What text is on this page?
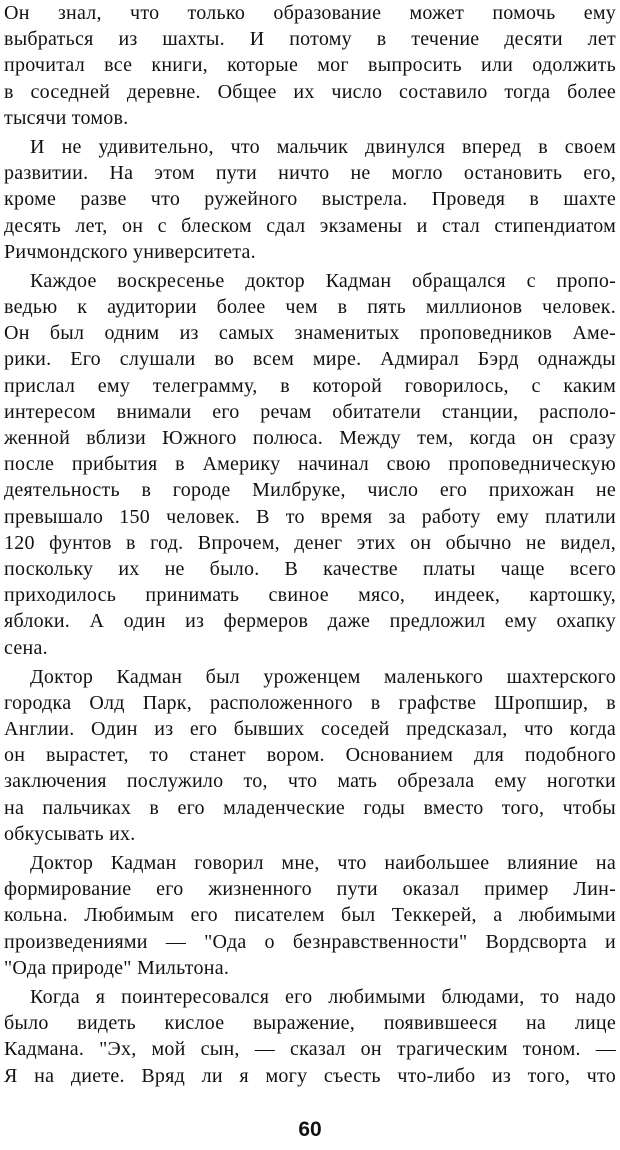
Он знал, что только образование может помочь ему
выбраться из шахты. И потому в течение десяти лет
прочитал все книги, которые мог выпросить или одолжить
в соседней деревне. Общее их число составило тогда более
тысячи томов.
И не удивительно, что мальчик двинулся вперед в своем
развитии. На этом пути ничто не могло остановить его,
кроме разве что ружейного выстрела. Проведя в шахте
десять лет, он с блеском сдал экзамены и стал стипендиатом
Ричмондского университета.
Каждое воскресенье доктор Кадман обращался с пропо-
ведью к аудитории более чем в пять миллионов человек.
Он был одним из самых знаменитых проповедников Аме-
рики. Его слушали во всем мире. Адмирал Бэрд однажды
прислал ему телеграмму, в которой говорилось, с каким
интересом внимали его речам обитатели станции, располо-
женной вблизи Южного полюса. Между тем, когда он сразу
после прибытия в Америку начинал свою проповедническую
деятельность в городе Милбруке, число его прихожан не
превышало 150 человек. В то время за работу ему платили
120 фунтов в год. Впрочем, денег этих он обычно не видел,
поскольку их не было. В качестве платы чаще всего
приходилось принимать свиное мясо, индеек, картошку,
яблоки. А один из фермеров даже предложил ему охапку
сена.
Доктор Кадман был уроженцем маленького шахтерского
городка Олд Парк, расположенного в графстве Шропшир, в
Англии. Один из его бывших соседей предсказал, что когда
он вырастет, то станет вором. Основанием для подобного
заключения послужило то, что мать обрезала ему ноготки
на пальчиках в его младенческие годы вместо того, чтобы
обкусывать их.
Доктор Кадман говорил мне, что наибольшее влияние на
формирование его жизненного пути оказал пример Лин-
кольна. Любимым его писателем был Теккерей, а любимыми
произведениями — "Ода о безнравственности" Вордсворта и
"Ода природе" Мильтона.
Когда я поинтересовался его любимыми блюдами, то надо
было видеть кислое выражение, появившееся на лице
Кадмана. "Эх, мой сын, — сказал он трагическим тоном. —
Я на диете. Вряд ли я могу съесть что-либо из того, что
60
